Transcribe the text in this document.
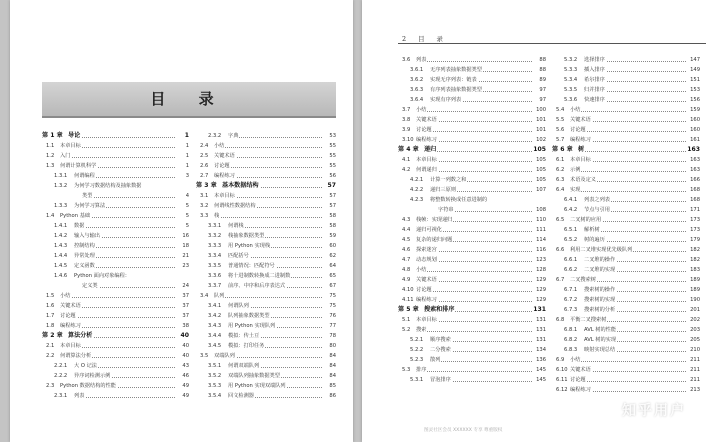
目 录
第 1 章 导论	1
1.1 本章目标	1
1.2 入门	1
1.3 何谓计算机科学	1
1.3.1 何谓编程	3
1.3.2 为何学习数据结构及抽象数据
类型	4
1.3.3 为何学习算法	5
1.4 Python 基础	5
1.4.1 数据	5
1.4.2 输入与输出	16
1.4.3 控制结构	18
1.4.4 异常处理	21
1.4.5 定义函数	23
1.4.6 Python 面向对象编程：
定义类	24
1.5 小结	37
1.6 关键术语	37
1.7 讨论题	37
1.8 编程练习	38
第 2 章 算法分析	40
2.1 本章目标	40
2.2 何谓算法分析	40
2.2.1 大 O 记法	43
2.2.2 异序词检测示例	46
2.3 Python 数据结构的性能	49
2.3.1 列表	49
2.3.2 字典	53
2.4 小结	55
2.5 关键术语	55
2.6 讨论题	55
2.7 编程练习	56
第 3 章 基本数据结构	57
3.1 本章目标	57
3.2 何谓线性数据结构	57
3.3 栈	58
3.3.1 何谓栈	58
3.3.2 栈抽象数据类型	59
3.3.3 用 Python 实现栈	60
3.3.4 匹配括号	62
3.3.5 普通情况：匹配符号	64
3.3.6 将十进制数转换成二进制数	65
3.3.7 前序、中序和后序表达式	67
3.4 队列	75
3.4.1 何谓队列	75
3.4.2 队列抽象数据类型	76
3.4.3 用 Python 实现队列	77
3.4.4 模拟：传土豆	78
3.4.5 模拟：打印任务	80
3.5 双端队列	84
3.5.1 何谓双端队列	84
3.5.2 双端队列抽象数据类型	84
3.5.3 用 Python 实现双端队列	85
3.5.4 回文检测器	86
2 目 录
3.6 列表	88
3.6.1 无序列表抽象数据类型	88
3.6.2 实现无序列表：链表	89
3.6.3 有序列表抽象数据类型	97
3.6.4 实现有序列表	97
3.7 小结	100
3.8 关键术语	101
3.9 讨论题	101
3.10 编程练习	102
第 4 章 递归	105
4.1 本章目标	105
4.2 何谓递归	105
4.2.1 计算一列数之和	105
4.2.2 递归三原则	107
4.2.3 将整数转换成任意进制的
字符串	108
4.3 栈帧：实现递归	110
4.4 递归可视化	111
4.5 复杂的递归问题	114
4.6 探索迷宫	116
4.7 动态规划	123
4.8 小结	128
4.9 关键术语	129
4.10 讨论题	129
4.11 编程练习	129
第 5 章 搜索和排序	131
5.1 本章目标	131
5.2 搜索	131
5.2.1 顺序搜索	131
5.2.2 二分搜索	134
5.2.3 散列	136
5.3 排序	145
5.3.1 冒泡排序	145
5.3.2 选择排序	147
5.3.3 插入排序	149
5.3.4 希尔排序	151
5.3.5 归并排序	153
5.3.6 快速排序	156
5.4 小结	159
5.5 关键术语	160
5.6 讨论题	160
5.7 编程练习	161
第 6 章 树	163
6.1 本章目标	163
6.2 示例	163
6.3 术语及定义	166
6.4 实现	168
6.4.1 列表之列表	168
6.4.2 节点与引用	171
6.5 二叉树的应用	173
6.5.1 解析树	173
6.5.2 树的遍历	179
6.6 利用二叉堆实现优先级队列	182
6.6.1 二叉堆的操作	182
6.6.2 二叉堆的实现	183
6.7 二叉搜索树	189
6.7.1 搜索树的操作	189
6.7.2 搜索树的实现	190
6.7.3 搜索树的分析	201
6.8 平衡二叉搜索树	202
6.8.1 AVL 树的性能	203
6.8.2 AVL 树的实现	205
6.8.3 映射实现总结	210
6.9 小结	211
6.10 关键术语	211
6.11 讨论题	211
6.12 编程练习	213
图灵社区会员 XXXXXX 专享 尊重版权
知乎用户
